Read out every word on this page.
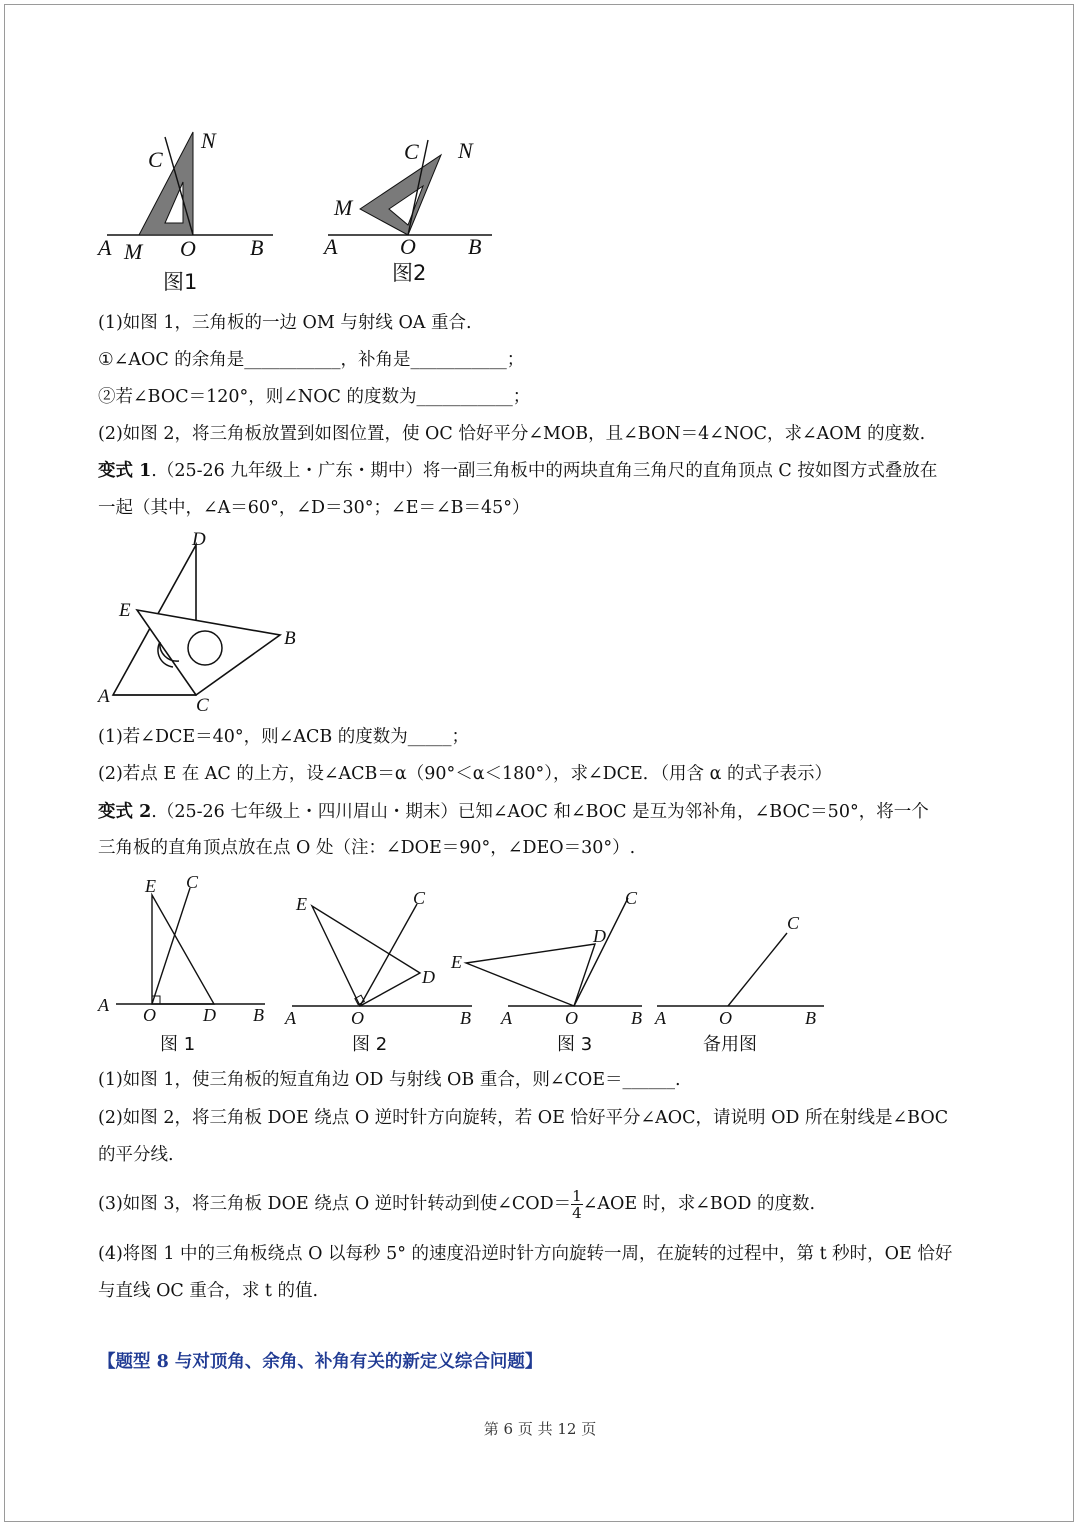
C
N
A M O B
图1
C N
M
A	O B
图2
(1)如图 1，三角板的一边 OM 与射线 OA 重合.
①∠AOC 的余角是___________，补角是___________；
②若∠BOC＝120°，则∠NOC 的度数为___________；
(2)如图 2，将三角板放置到如图位置，使 OC 恰好平分∠MOB，且∠BON＝4∠NOC，求∠AOM 的度数.
变式 1.（25-26 九年级上・广东・期中）将一副三角板中的两块直角三角尺的直角顶点 C 按如图方式叠放在
一起（其中，∠A＝60°，∠D＝30°；∠E＝∠B＝45°）
D
E
B
A	C
(1)若∠DCE＝40°，则∠ACB 的度数为_____；
(2)若点 E 在 AC 的上方，设∠ACB＝α（90°＜α＜180°），求∠DCE．（用含 α 的式子表示）
变式 2.（25-26 七年级上・四川眉山・期末）已知∠AOC 和∠BOC 是互为邻补角，∠BOC＝50°，将一个
三角板的直角顶点放在点 O 处（注：∠DOE＝90°，∠DEO＝30°）.
E C
A O	D B
图 1
E	C
D
A	O	B
图 2
C
D
E
A	O	B
图 3
C
A	O	B
备用图
(1)如图 1，使三角板的短直角边 OD 与射线 OB 重合，则∠COE＝______.
(2)如图 2，将三角板 DOE 绕点 O 逆时针方向旋转，若 OE 恰好平分∠AOC，请说明 OD 所在射线是∠BOC
的平分线.
(3)如图 3，将三角板 DOE 绕点 O 逆时针转动到使∠COD＝ $\frac{1}{4}$ ∠AOE 时，求∠BOD 的度数.
(4)将图 1 中的三角板绕点 O 以每秒 5° 的速度沿逆时针方向旋转一周，在旋转的过程中，第 t 秒时，OE 恰好
与直线 OC 重合，求 t 的值.
【题型 8 与对顶角、余角、补角有关的新定义综合问题】
第 6 页 共 12 页
